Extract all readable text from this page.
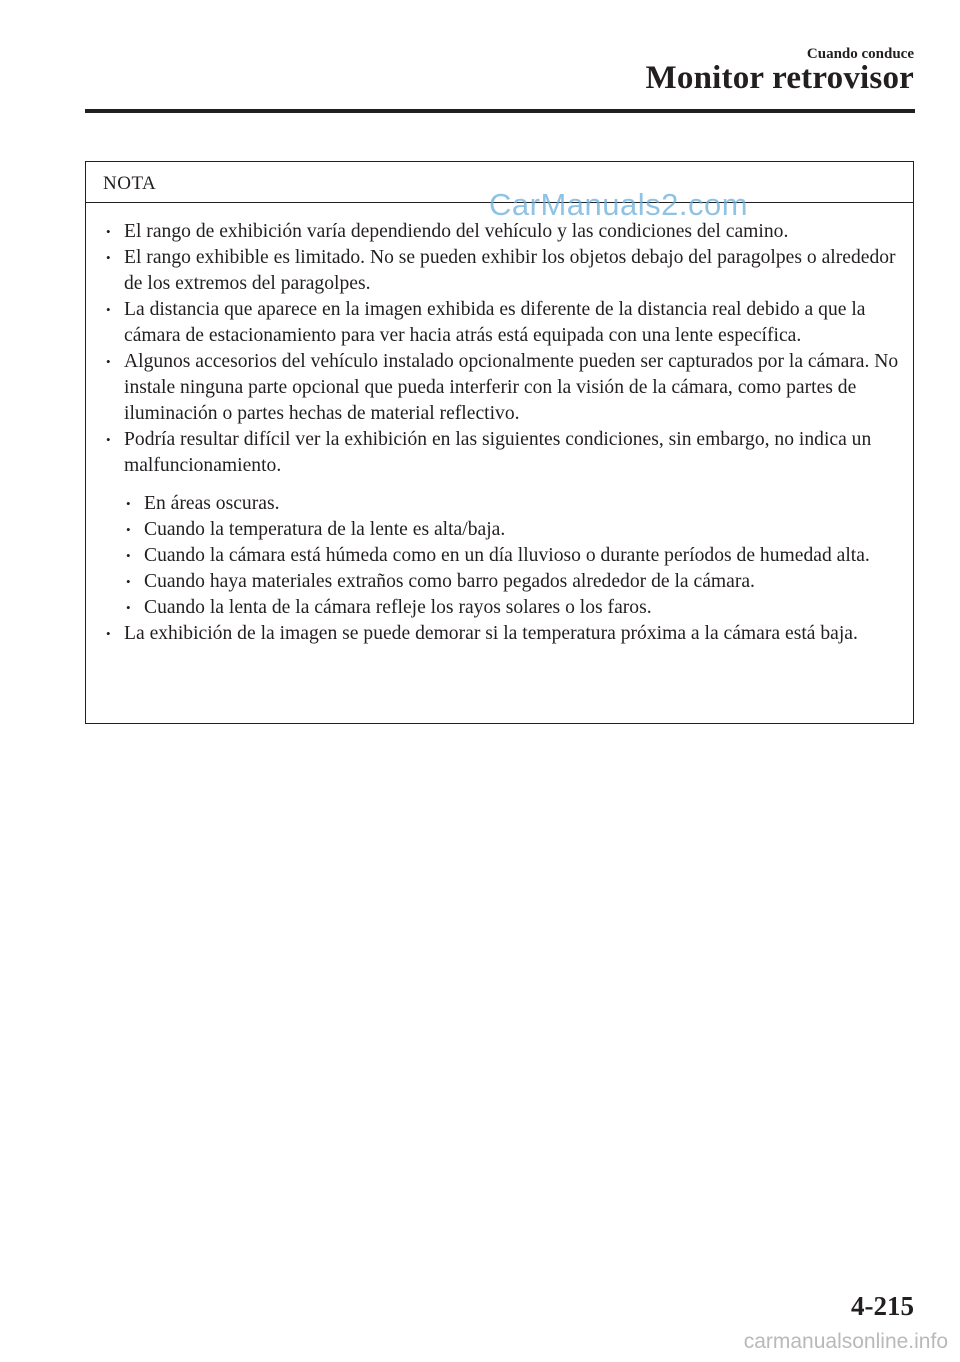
Cuando conduce
Monitor retrovisor
NOTA
• El rango de exhibición varía dependiendo del vehículo y las condiciones del camino.
• El rango exhibible es limitado. No se pueden exhibir los objetos debajo del paragolpes o alrededor de los extremos del paragolpes.
• La distancia que aparece en la imagen exhibida es diferente de la distancia real debido a que la cámara de estacionamiento para ver hacia atrás está equipada con una lente específica.
• Algunos accesorios del vehículo instalado opcionalmente pueden ser capturados por la cámara. No instale ninguna parte opcional que pueda interferir con la visión de la cámara, como partes de iluminación o partes hechas de material reflectivo.
• Podría resultar difícil ver la exhibición en las siguientes condiciones, sin embargo, no indica un malfuncionamiento.
• En áreas oscuras.
• Cuando la temperatura de la lente es alta/baja.
• Cuando la cámara está húmeda como en un día lluvioso o durante períodos de humedad alta.
• Cuando haya materiales extraños como barro pegados alrededor de la cámara.
• Cuando la lenta de la cámara refleje los rayos solares o los faros.
• La exhibición de la imagen se puede demorar si la temperatura próxima a la cámara está baja.
CarManuals2.com
4-215
carmanualsonline.info
